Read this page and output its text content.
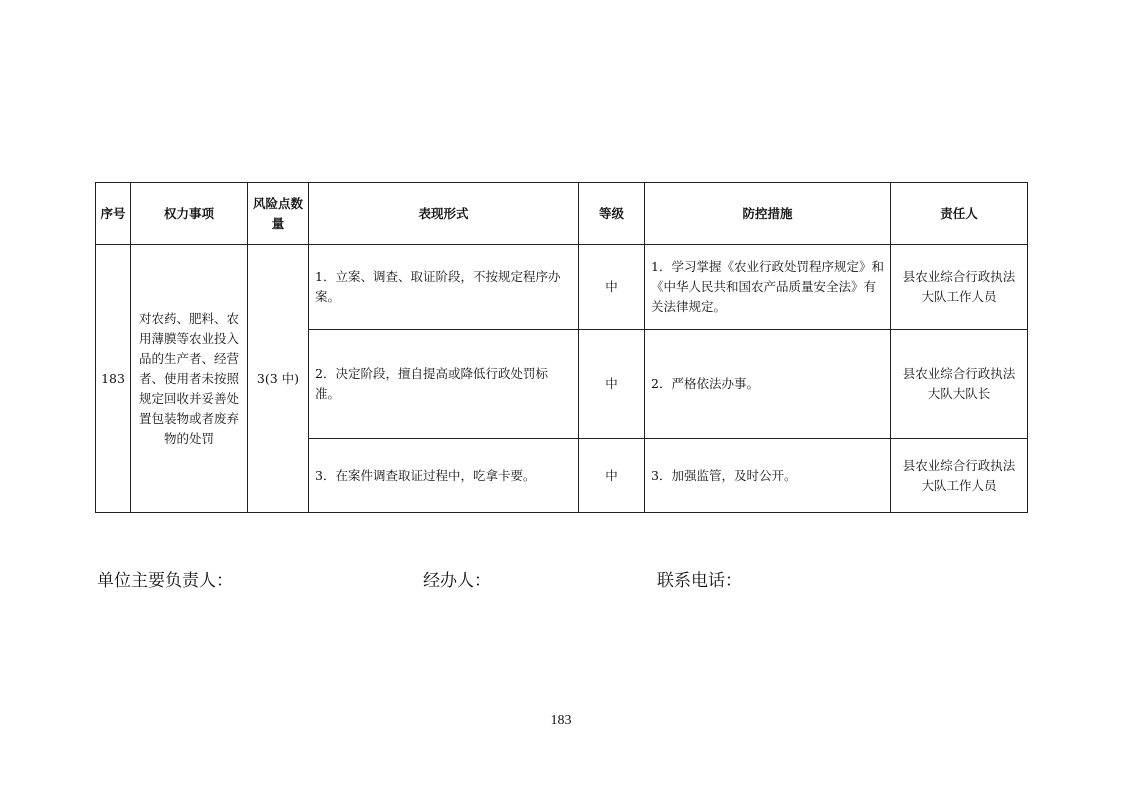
序号	权力事项	风险点数量	表现形式	等级	防控措施	责任人
183	对农药、肥料、农用薄膜等农业投入品的生产者、经营者、使用者未按照规定回收并妥善处置包装物或者废弃物的处罚	3(3 中)	1．立案、调查、取证阶段，不按规定程序办案。	中	1．学习掌握《农业行政处罚程序规定》和《中华人民共和国农产品质量安全法》有关法律规定。	县农业综合行政执法大队工作人员
			2．决定阶段，擅自提高或降低行政处罚标准。	中	2．严格依法办事。	县农业综合行政执法大队大队长
			3．在案件调查取证过程中，吃拿卡要。	中	3．加强监管，及时公开。	县农业综合行政执法大队工作人员
单位主要负责人：	经办人：	联系电话：
183
